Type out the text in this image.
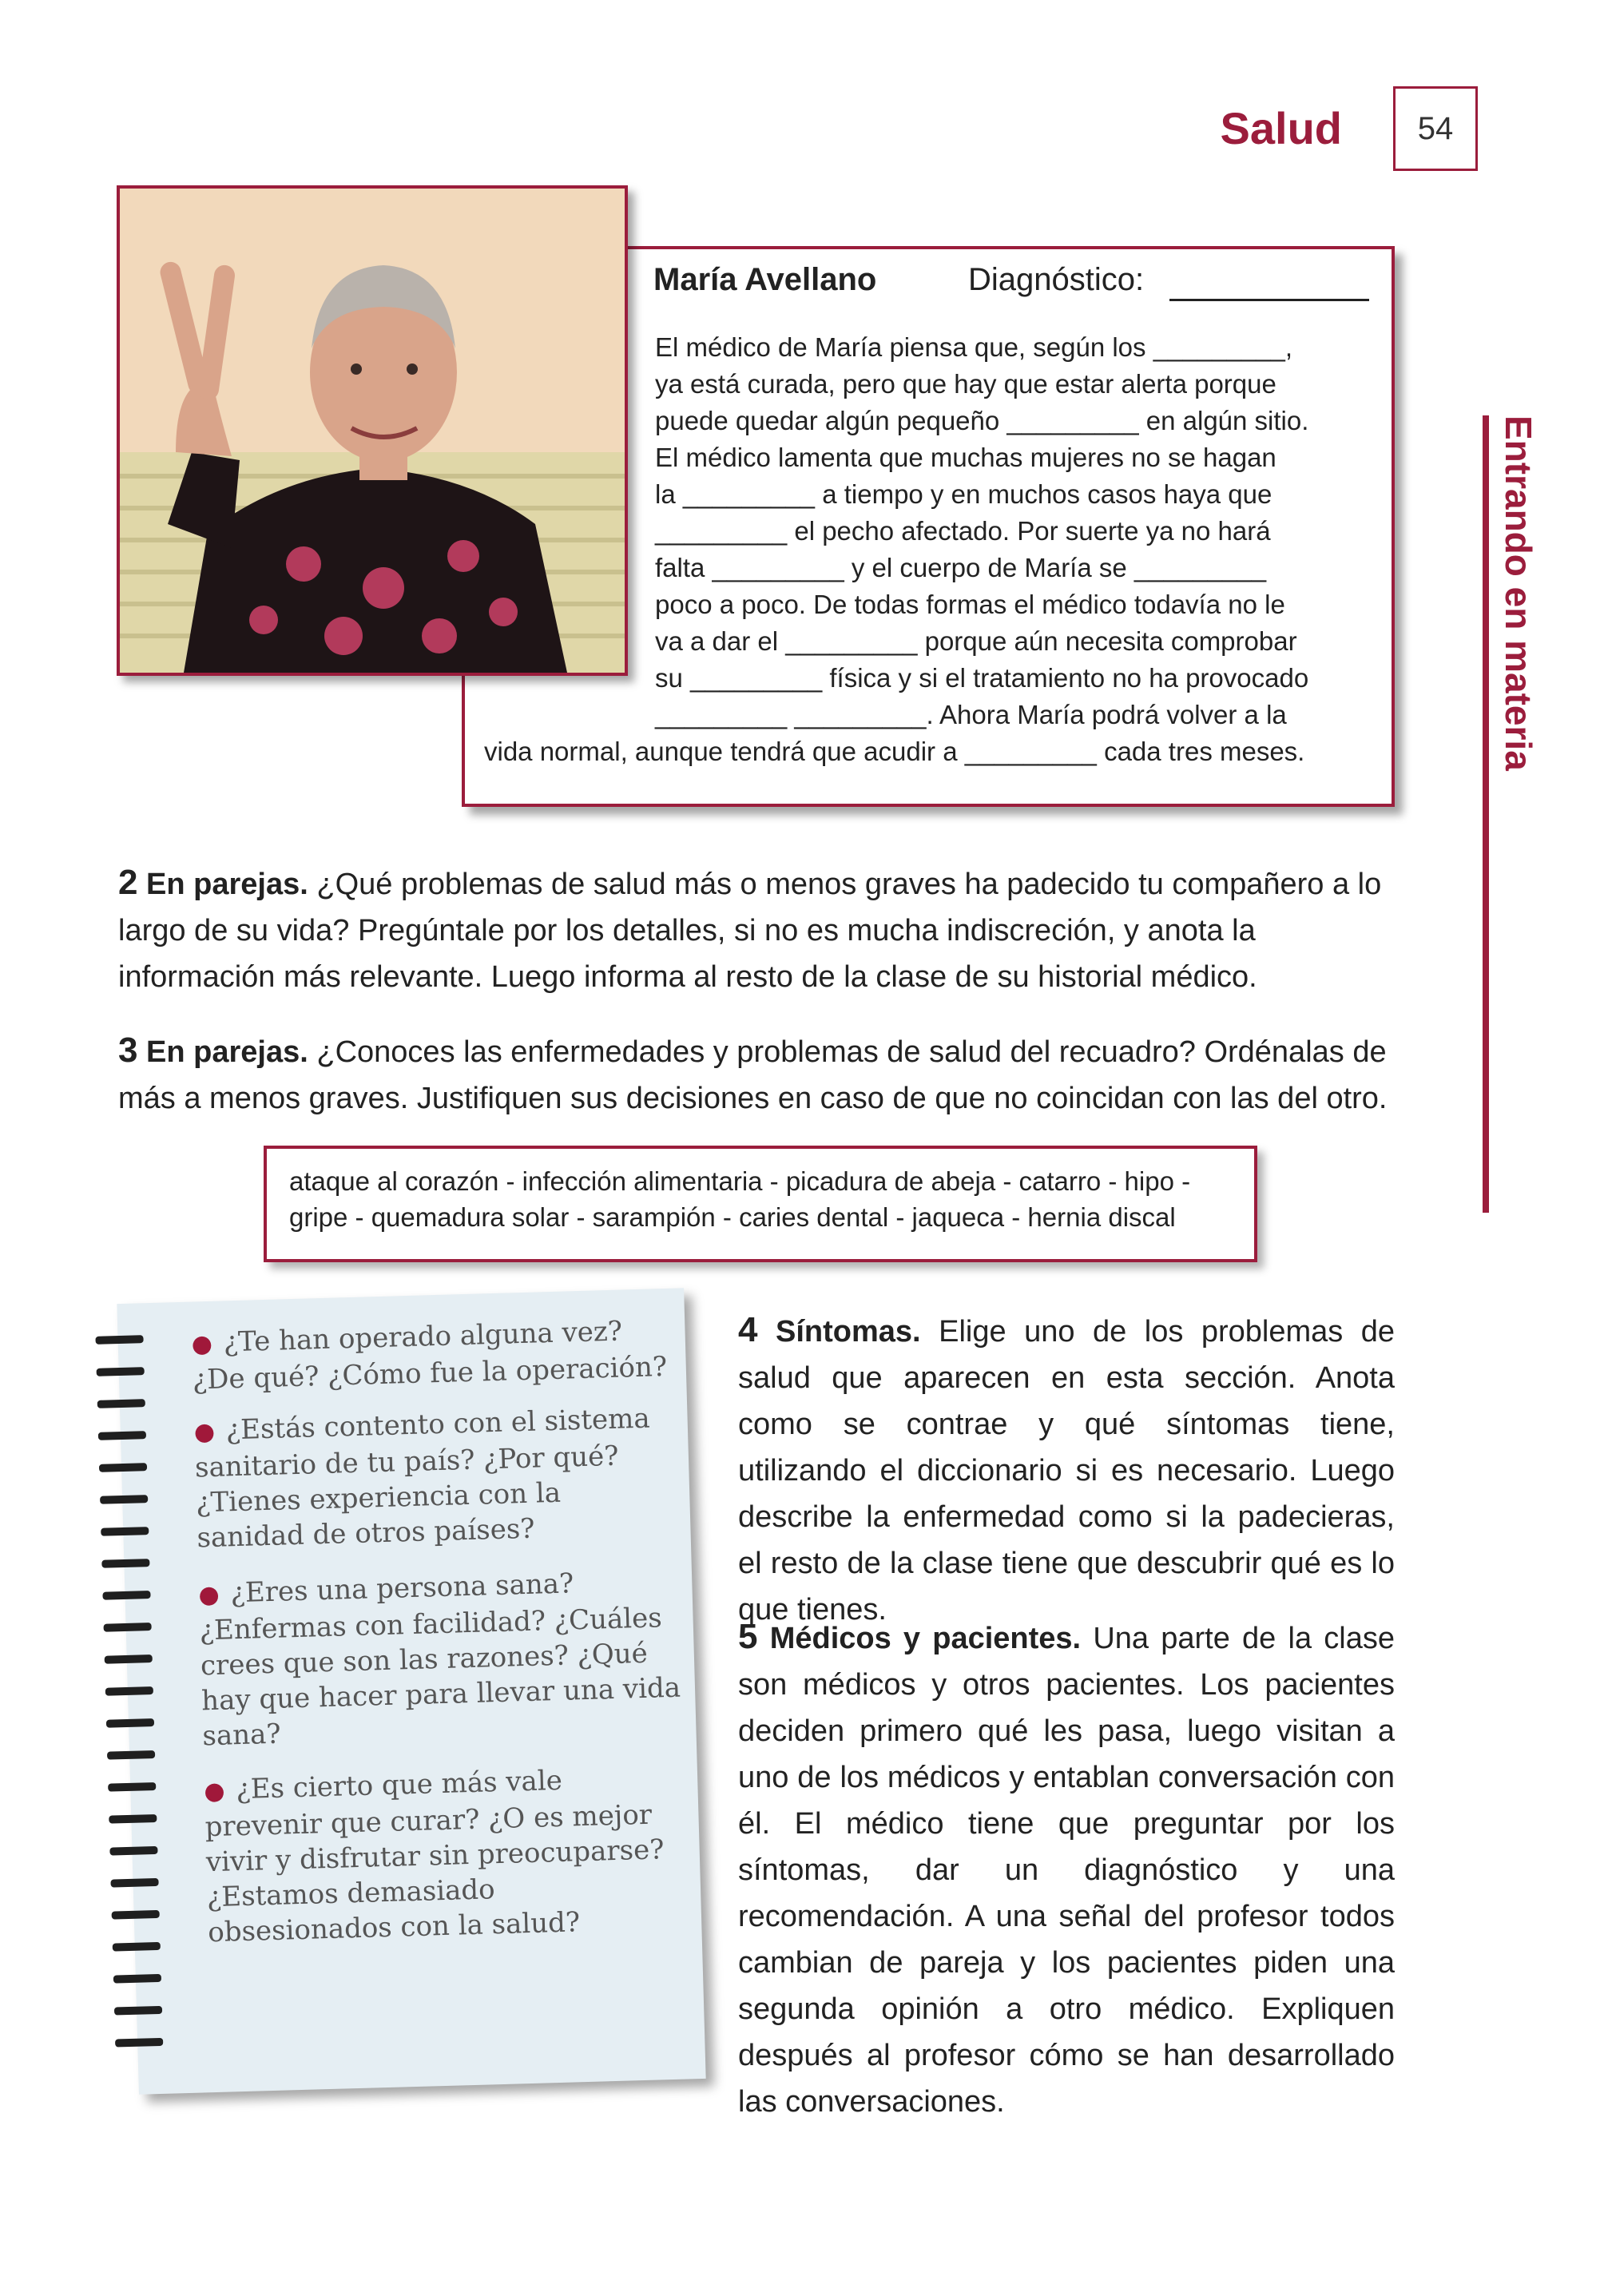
Salud	54
Entrando en materia
María Avellano	Diagnóstico:
El médico de María piensa que, según los _________,
ya está curada, pero que hay que estar alerta porque
puede quedar algún pequeño _________ en algún sitio.
El médico lamenta que muchas mujeres no se hagan
la _________ a tiempo y en muchos casos haya que
_________ el pecho afectado. Por suerte ya no hará
falta _________ y el cuerpo de María se _________
poco a poco. De todas formas el médico todavía no le
va a dar el _________ porque aún necesita comprobar
su _________ física y si el tratamiento no ha provocado
_________ _________. Ahora María podrá volver a la
vida normal, aunque tendrá que acudir a _________ cada tres meses.
2 En parejas. ¿Qué problemas de salud más o menos graves ha padecido tu compañero a lo largo de su vida? Pregúntale por los detalles, si no es mucha indiscreción, y anota la información más relevante. Luego informa al resto de la clase de su historial médico.
3 En parejas. ¿Conoces las enfermedades y problemas de salud del recuadro? Ordénalas de más a menos graves. Justifiquen sus decisiones en caso de que no coincidan con las del otro.
ataque al corazón - infección alimentaria - picadura de abeja - catarro - hipo - gripe - quemadura solar - sarampión - caries dental - jaqueca - hernia discal
● ¿Te han operado alguna vez? ¿De qué? ¿Cómo fue la operación?
● ¿Estás contento con el sistema sanitario de tu país? ¿Por qué? ¿Tienes experiencia con la sanidad de otros países?
● ¿Eres una persona sana? ¿Enfermas con facilidad? ¿Cuáles crees que son las razones? ¿Qué hay que hacer para llevar una vida sana?
● ¿Es cierto que más vale prevenir que curar? ¿O es mejor vivir y disfrutar sin preocuparse? ¿Estamos demasiado obsesionados con la salud?
4 Síntomas. Elige uno de los problemas de salud que aparecen en esta sección. Anota como se contrae y qué síntomas tiene, utilizando el diccionario si es necesario. Luego describe la enfermedad como si la padecieras, el resto de la clase tiene que descubrir qué es lo que tienes.
5 Médicos y pacientes. Una parte de la clase son médicos y otros pacientes. Los pacientes deciden primero qué les pasa, luego visitan a uno de los médicos y entablan conversación con él. El médico tiene que preguntar por los síntomas, dar un diagnóstico y una recomendación. A una señal del profesor todos cambian de pareja y los pacientes piden una segunda opinión a otro médico. Expliquen después al profesor cómo se han desarrollado las conversaciones.
